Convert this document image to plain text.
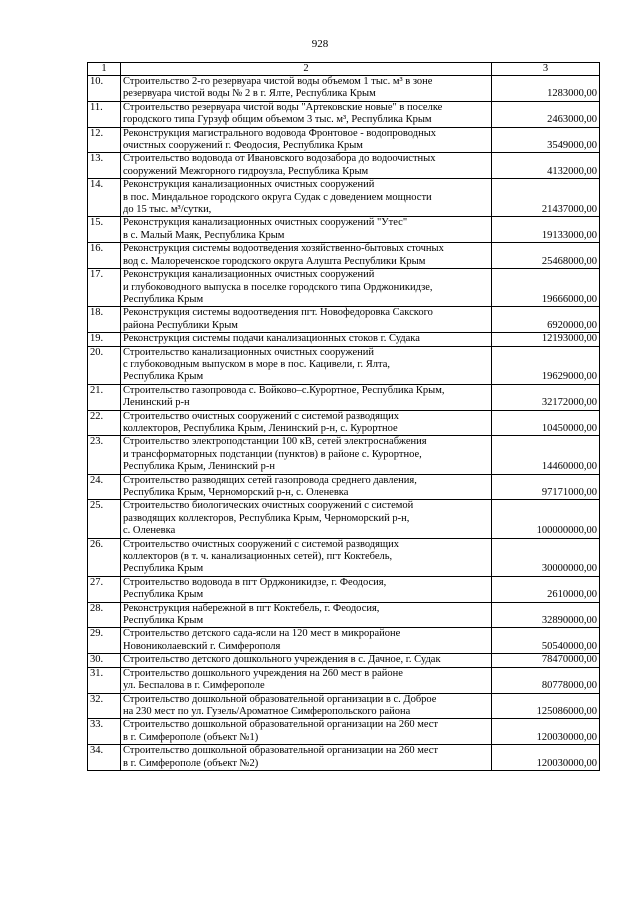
928
1	2	3
10.	Строительство 2-го резервуара чистой воды объемом 1 тыс. м³ в зоне
резервуара чистой воды № 2 в г. Ялте, Республика Крым	1283000,00
11.	Строительство резервуара чистой воды "Артековские новые" в поселке
городского типа Гурзуф общим объемом 3 тыс. м³, Республика Крым	2463000,00
12.	Реконструкция магистрального водовода Фронтовое - водопроводных
очистных сооружений г. Феодосия, Республика Крым	3549000,00
13.	Строительство водовода от Ивановского водозабора до водоочистных
сооружений Межгорного гидроузла, Республика Крым	4132000,00
14.	Реконструкция канализационных очистных сооружений
в пос. Миндальное городского округа Судак с доведением мощности
до 15 тыс. м³/сутки,	21437000,00
15.	Реконструкция канализационных очистных сооружений "Утес"
в с. Малый Маяк, Республика Крым	19133000,00
16.	Реконструкция системы водоотведения хозяйственно-бытовых сточных
вод с. Малореченское городского округа Алушта Республики Крым	25468000,00
17.	Реконструкция канализационных очистных сооружений
и глубоководного выпуска в поселке городского типа Орджоникидзе,
Республика Крым	19666000,00
18.	Реконструкция системы водоотведения пгт. Новофедоровка Сакского
района Республики Крым	6920000,00
19.	Реконструкция системы подачи канализационных стоков г. Судака	12193000,00
20.	Строительство канализационных очистных сооружений
с глубоководным выпуском в море в пос. Кацивели, г. Ялта,
Республика Крым	19629000,00
21.	Строительство газопровода с. Войково–с.Курортное, Республика Крым,
Ленинский р-н	32172000,00
22.	Строительство очистных сооружений с системой разводящих
коллекторов, Республика Крым, Ленинский р-н, с. Курортное	10450000,00
23.	Строительство электроподстанции 100 кВ, сетей электроснабжения
и трансформаторных подстанции (пунктов) в районе с. Курортное,
Республика Крым, Ленинский р-н	14460000,00
24.	Строительство разводящих сетей газопровода среднего давления,
Республика Крым, Черноморский р-н, с. Оленевка	97171000,00
25.	Строительство биологических очистных сооружений с системой
разводящих коллекторов, Республика Крым, Черноморский р-н,
с. Оленевка	100000000,00
26.	Строительство очистных сооружений с системой разводящих
коллекторов (в т. ч. канализационных сетей), пгт Коктебель,
Республика Крым	30000000,00
27.	Строительство водовода в пгт Орджоникидзе, г. Феодосия,
Республика Крым	2610000,00
28.	Реконструкция набережной в пгт Коктебель, г. Феодосия,
Республика Крым	32890000,00
29.	Строительство детского сада-ясли на 120 мест в микрорайоне
Новониколаевский г. Симферополя	50540000,00
30.	Строительство детского дошкольного учреждения в с. Дачное, г. Судак	78470000,00
31.	Строительство дошкольного учреждения на 260 мест в районе
ул. Беспалова в г. Симферополе	80778000,00
32.	Строительство дошкольной образовательной организации в с. Доброе
на 230 мест по ул. Гузель/Ароматное Симферопольского района	125086000,00
33.	Строительство дошкольной образовательной организации на 260 мест
в г. Симферополе (объект №1)	120030000,00
34.	Строительство дошкольной образовательной организации на 260 мест
в г. Симферополе (объект №2)	120030000,00
